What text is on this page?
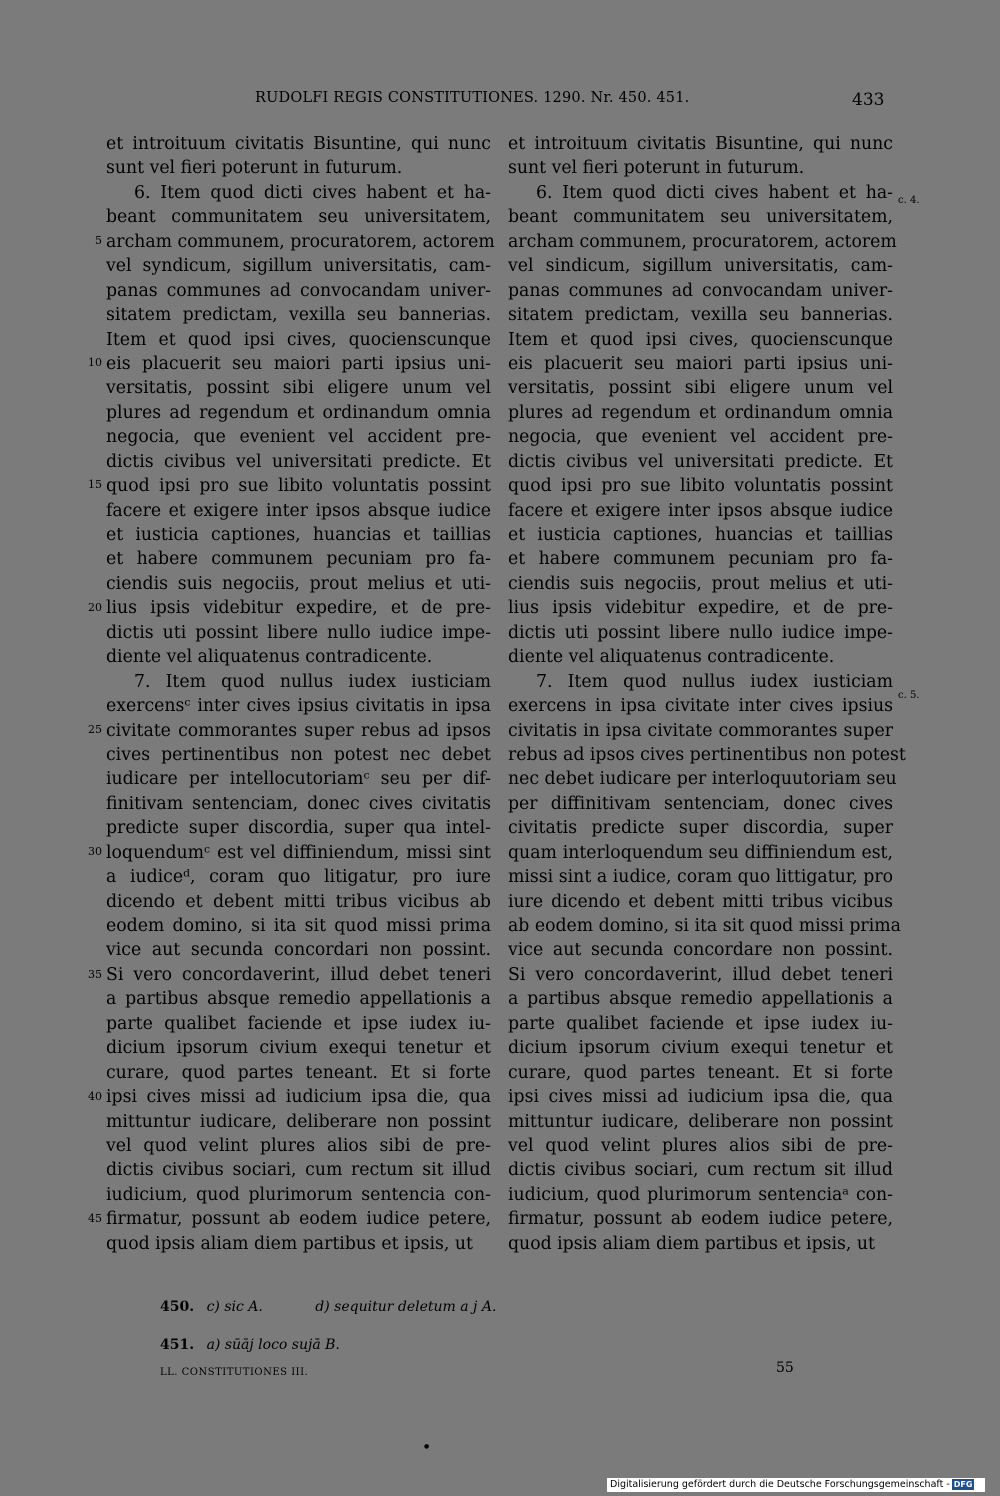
RUDOLFI REGIS CONSTITUTIONES. 1290. Nr. 450. 451.	433
5
10
15
20
25
30
35
40
45
et introituum civitatis Bisuntine, qui nunc
sunt vel fieri poterunt in futurum.
6. Item quod dicti cives habent et ha-
beant communitatem seu universitatem,
archam communem, procuratorem, actorem
vel syndicum, sigillum universitatis, cam-
panas communes ad convocandam univer-
sitatem predictam, vexilla seu bannerias.
Item et quod ipsi cives, quocienscunque
eis placuerit seu maiori parti ipsius uni-
versitatis, possint sibi eligere unum vel
plures ad regendum et ordinandum omnia
negocia, que evenient vel accident pre-
dictis civibus vel universitati predicte. Et
quod ipsi pro sue libito voluntatis possint
facere et exigere inter ipsos absque iudice
et iusticia captiones, huancias et taillias
et habere communem pecuniam pro fa-
ciendis suis negociis, prout melius et uti-
lius ipsis videbitur expedire, et de pre-
dictis uti possint libere nullo iudice impe-
diente vel aliquatenus contradicente.
7. Item quod nullus iudex iusticiam
exercensᶜ inter cives ipsius civitatis in ipsa
civitate commorantes super rebus ad ipsos
cives pertinentibus non potest nec debet
iudicare per intellocutoriamᶜ seu per dif-
finitivam sentenciam, donec cives civitatis
predicte super discordia, super qua intel-
loquendumᶜ est vel diffiniendum, missi sint
a iudiceᵈ, coram quo litigatur, pro iure
dicendo et debent mitti tribus vicibus ab
eodem domino, si ita sit quod missi prima
vice aut secunda concordari non possint.
Si vero concordaverint, illud debet teneri
a partibus absque remedio appellationis a
parte qualibet faciende et ipse iudex iu-
dicium ipsorum civium exequi tenetur et
curare, quod partes teneant. Et si forte
ipsi cives missi ad iudicium ipsa die, qua
mittuntur iudicare, deliberare non possint
vel quod velint plures alios sibi de pre-
dictis civibus sociari, cum rectum sit illud
iudicium, quod plurimorum sentencia con-
firmatur, possunt ab eodem iudice petere,
quod ipsis aliam diem partibus et ipsis, ut
c. 4.
c. 5.
et introituum civitatis Bisuntine, qui nunc
sunt vel fieri poterunt in futurum.
6. Item quod dicti cives habent et ha-
beant communitatem seu universitatem,
archam communem, procuratorem, actorem
vel sindicum, sigillum universitatis, cam-
panas communes ad convocandam univer-
sitatem predictam, vexilla seu bannerias.
Item et quod ipsi cives, quocienscunque
eis placuerit seu maiori parti ipsius uni-
versitatis, possint sibi eligere unum vel
plures ad regendum et ordinandum omnia
negocia, que evenient vel accident pre-
dictis civibus vel universitati predicte. Et
quod ipsi pro sue libito voluntatis possint
facere et exigere inter ipsos absque iudice
et iusticia captiones, huancias et taillias
et habere communem pecuniam pro fa-
ciendis suis negociis, prout melius et uti-
lius ipsis videbitur expedire, et de pre-
dictis uti possint libere nullo iudice impe-
diente vel aliquatenus contradicente.
7. Item quod nullus iudex iusticiam
exercens in ipsa civitate inter cives ipsius
civitatis in ipsa civitate commorantes super
rebus ad ipsos cives pertinentibus non potest
nec debet iudicare per interloquutoriam seu
per diffinitivam sentenciam, donec cives
civitatis predicte super discordia, super
quam interloquendum seu diffiniendum est,
missi sint a iudice, coram quo littigatur, pro
iure dicendo et debent mitti tribus vicibus
ab eodem domino, si ita sit quod missi prima
vice aut secunda concordare non possint.
Si vero concordaverint, illud debet teneri
a partibus absque remedio appellationis a
parte qualibet faciende et ipse iudex iu-
dicium ipsorum civium exequi tenetur et
curare, quod partes teneant. Et si forte
ipsi cives missi ad iudicium ipsa die, qua
mittuntur iudicare, deliberare non possint
vel quod velint plures alios sibi de pre-
dictis civibus sociari, cum rectum sit illud
iudicium, quod plurimorum sentenciaᵃ con-
firmatur, possunt ab eodem iudice petere,
quod ipsis aliam diem partibus et ipsis, ut
450. c) sic A.	d) sequitur deletum a j A.
451. a) sūāj loco sujā B.
LL. CONSTITUTIONES III.	55
●
Digitalisierung gefördert durch die Deutsche Forschungsgemeinschaft - DFG
